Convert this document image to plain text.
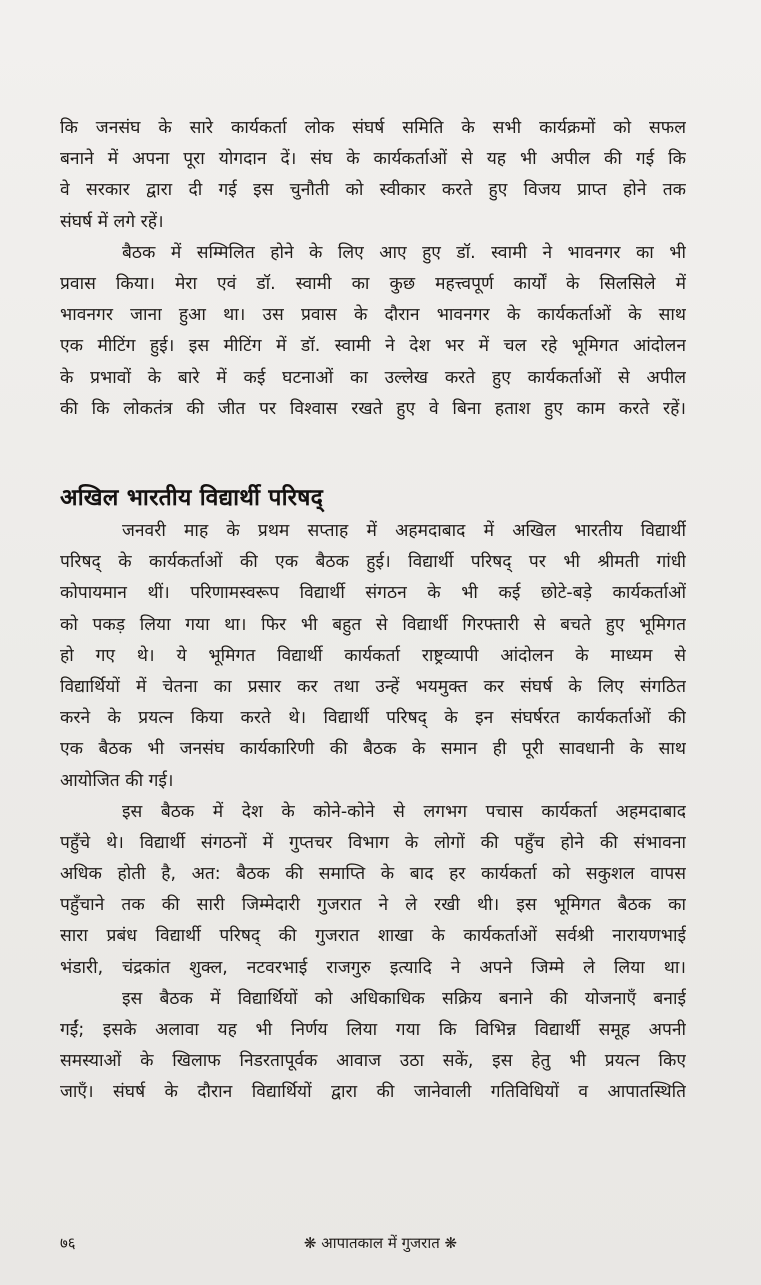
कि जनसंघ के सारे कार्यकर्ता लोक संघर्ष समिति के सभी कार्यक्रमों को सफल
बनाने में अपना पूरा योगदान दें। संघ के कार्यकर्ताओं से यह भी अपील की गई कि
वे सरकार द्वारा दी गई इस चुनौती को स्वीकार करते हुए विजय प्राप्त होने तक
संघर्ष में लगे रहें।
बैठक में सम्मिलित होने के लिए आए हुए डॉ. स्वामी ने भावनगर का भी
प्रवास किया। मेरा एवं डॉ. स्वामी का कुछ महत्त्वपूर्ण कार्यों के सिलसिले में
भावनगर जाना हुआ था। उस प्रवास के दौरान भावनगर के कार्यकर्ताओं के साथ
एक मीटिंग हुई। इस मीटिंग में डॉ. स्वामी ने देश भर में चल रहे भूमिगत आंदोलन
के प्रभावों के बारे में कई घटनाओं का उल्लेख करते हुए कार्यकर्ताओं से अपील
की कि लोकतंत्र की जीत पर विश्वास रखते हुए वे बिना हताश हुए काम करते रहें।
अखिल भारतीय विद्यार्थी परिषद्
जनवरी माह के प्रथम सप्ताह में अहमदाबाद में अखिल भारतीय विद्यार्थी
परिषद् के कार्यकर्ताओं की एक बैठक हुई। विद्यार्थी परिषद् पर भी श्रीमती गांधी
कोपायमान थीं। परिणामस्वरूप विद्यार्थी संगठन के भी कई छोटे-बड़े कार्यकर्ताओं
को पकड़ लिया गया था। फिर भी बहुत से विद्यार्थी गिरफ्तारी से बचते हुए भूमिगत
हो गए थे। ये भूमिगत विद्यार्थी कार्यकर्ता राष्ट्रव्यापी आंदोलन के माध्यम से
विद्यार्थियों में चेतना का प्रसार कर तथा उन्हें भयमुक्त कर संघर्ष के लिए संगठित
करने के प्रयत्न किया करते थे। विद्यार्थी परिषद् के इन संघर्षरत कार्यकर्ताओं की
एक बैठक भी जनसंघ कार्यकारिणी की बैठक के समान ही पूरी सावधानी के साथ
आयोजित की गई।
इस बैठक में देश के कोने-कोने से लगभग पचास कार्यकर्ता अहमदाबाद
पहुँचे थे। विद्यार्थी संगठनों में गुप्तचर विभाग के लोगों की पहुँच होने की संभावना
अधिक होती है, अत: बैठक की समाप्ति के बाद हर कार्यकर्ता को सकुशल वापस
पहुँचाने तक की सारी जिम्मेदारी गुजरात ने ले रखी थी। इस भूमिगत बैठक का
सारा प्रबंध विद्यार्थी परिषद् की गुजरात शाखा के कार्यकर्ताओं सर्वश्री नारायणभाई
भंडारी, चंद्रकांत शुक्ल, नटवरभाई राजगुरु इत्यादि ने अपने जिम्मे ले लिया था।
इस बैठक में विद्यार्थियों को अधिकाधिक सक्रिय बनाने की योजनाएँ बनाई
गईं; इसके अलावा यह भी निर्णय लिया गया कि विभिन्न विद्यार्थी समूह अपनी
समस्याओं के खिलाफ निडरतापूर्वक आवाज उठा सकें, इस हेतु भी प्रयत्न किए
जाएँ। संघर्ष के दौरान विद्यार्थियों द्वारा की जानेवाली गतिविधियों व आपातस्थिति
७६	❋ आपातकाल में गुजरात ❋
